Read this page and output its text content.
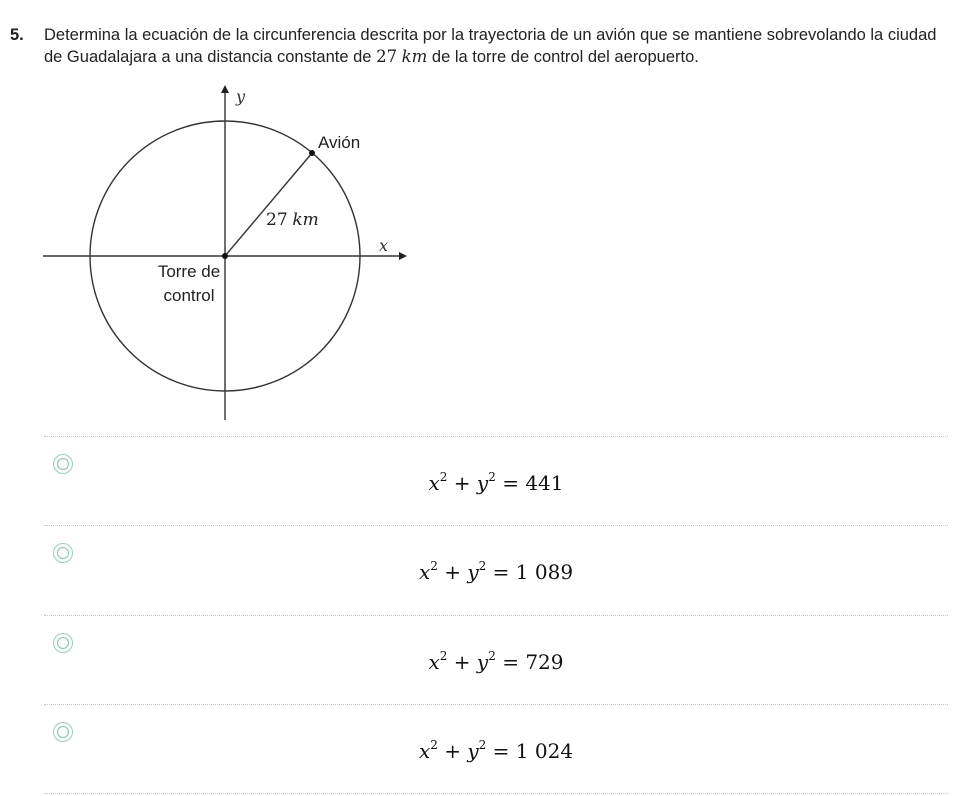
5. Determina la ecuación de la circunferencia descrita por la trayectoria de un avión que se mantiene sobrevolando la ciudad de Guadalajara a una distancia constante de 27 km de la torre de control del aeropuerto.
y
x
Avión
27 km
Torre de
control
$x^2 + y^2 = 441$
$x^2 + y^2 = 1$ 089
$x^2 + y^2 = 729$
$x^2 + y^2 = 1$ 024
